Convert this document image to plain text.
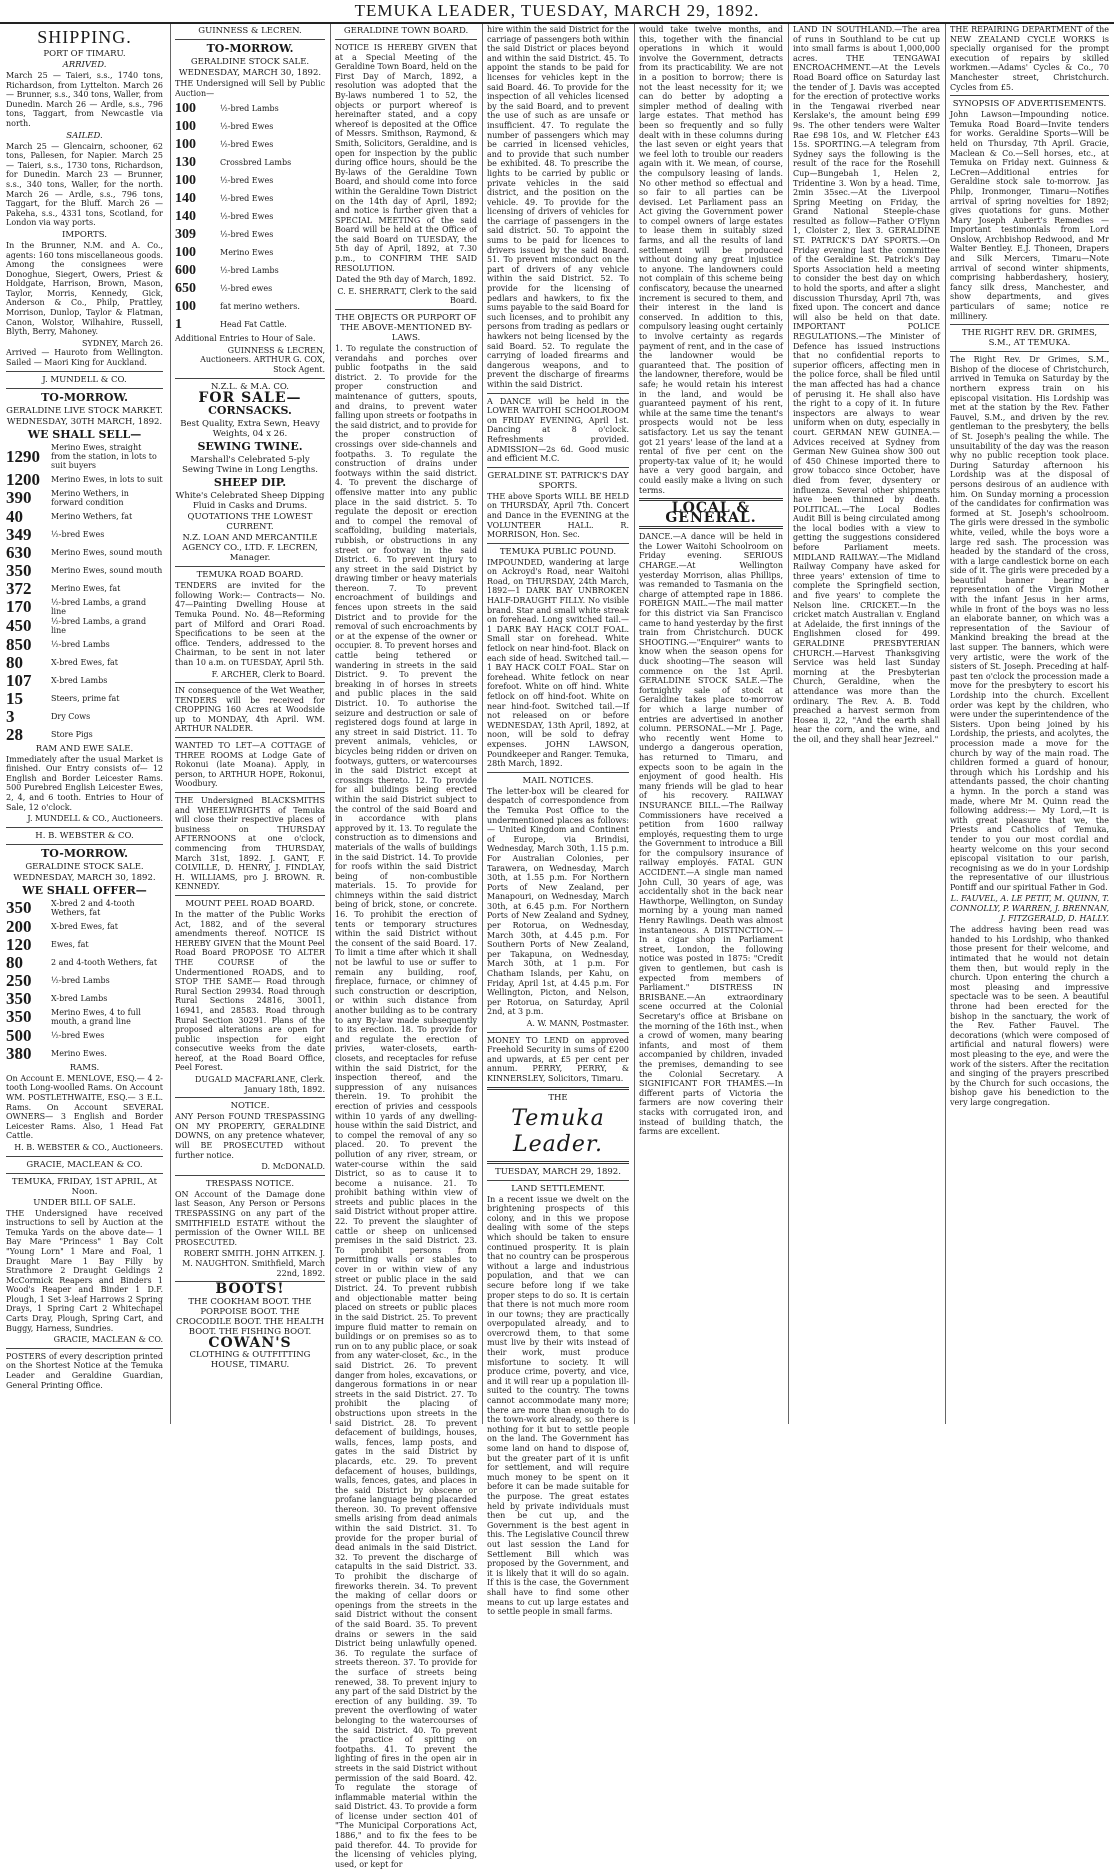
TEMUKA LEADER, TUESDAY, MARCH 29, 1892.
SHIPPING.
PORT OF TIMARU.
ARRIVED.

March 25 — Taieri, s.s., 1740 tons, Richardson, from Lyttelton. March 26 — Brunner, s.s., 340 tons, Waller, from Dunedin. March 26 — Ardle, s.s., 796 tons, Taggart, from Newcastle via north.

SAILED.

March 25 — Glencairn, schooner, 62 tons, Pallesen, for Napier. March 25 — Taieri, s.s., 1730 tons, Richardson, for Dunedin. March 23 — Brunner, s.s., 340 tons, Waller, for the north. March 26 — Ardle, s.s., 796 tons, Taggart, for the Bluff. March 26 — Pakeha, s.s., 4331 tons, Scotland, for London via way ports.

IMPORTS.

In the Brunner, N.M. and A. Co., agents: 160 tons miscellaneous goods. Among the consignees were Donoghue, Siegert, Owers, Priest & Holdgate, Harrison, Brown, Mason, Taylor, Morris, Kennedy, Gick, Anderson & Co., Philp, Prattley, Morrison, Dunlop, Taylor & Flatman, Canon, Wolstor, Wilhahire, Russell, Blyth, Berry, Mahoney.

SYDNEY, March 26.

Arrived — Hauroto from Wellington. Sailed — Maori King for Auckland.

J. MUNDELL & CO.
TO-MORROW.
GERALDINE LIVE STOCK MARKET.
WEDNESDAY, 30TH MARCH, 1892.
WE SHALL SELL—
1290	Merino Ewes, straight from the station, in lots to suit buyers
1200	Merino Ewes, in lots to suit
390	Merino Wethers, in forward condition
40	Merino Wethers, fat
349	½-bred Ewes
630	Merino Ewes, sound mouth
350	Merino Ewes, sound mouth
372	Merino Ewes, fat
170	½-bred Lambs, a grand line
450	½-bred Lambs, a grand line
850	½-bred Lambs
80	X-bred Ewes, fat
107	X-bred Lambs
15	Steers, prime fat
3	Dry Cows
28	Store Pigs
RAM AND EWE SALE.

Immediately after the usual Market is finished. Our Entry consists of— 12 English and Border Leicester Rams. 500 Purebred English Leicester Ewes, 2, 4, and 6 tooth. Entries to Hour of Sale, 12 o'clock.

J. MUNDELL & CO., Auctioneers.
H. B. WEBSTER & CO.
TO-MORROW.
GERALDINE STOCK SALE.
WEDNESDAY, MARCH 30, 1892.
WE SHALL OFFER—
350	X-bred 2 and 4-tooth Wethers, fat
200	X-bred Ewes, fat
120	Ewes, fat
80	2 and 4-tooth Wethers, fat
250	½-bred Lambs
350	X-bred Lambs
350	Merino Ewes, 4 to full mouth, a grand line
500	½-bred Ewes
380	Merino Ewes.
RAMS.

On Account E. MENLOVE, ESQ.— 4 2-tooth Long-woolled Rams. On Account WM. POSTLETHWAITE, ESQ.— 3 E.L. Rams. On Account SEVERAL OWNERS— 3 English and Border Leicester Rams. Also, 1 Head Fat Cattle.

H. B. WEBSTER & CO., Auctioneers.
GRACIE, MACLEAN & CO.
TEMUKA, FRIDAY, 1ST APRIL, At Noon.
UNDER BILL OF SALE.

THE Undersigned have received instructions to sell by Auction at the Temuka Yards on the above date— 1 Bay Mare "Princess" 1 Bay Colt "Young Lorn" 1 Mare and Foal, 1 Draught Mare 1 Bay Filly by Strathmore 2 Draught Geldings 2 McCormick Reapers and Binders 1 Wood's Reaper and Binder 1 D.F. Plough, 1 Set 3-leaf Harrows 2 Spring Drays, 1 Spring Cart 2 Whitechapel Carts Dray, Plough, Spring Cart, and Buggy, Harness, Sundries.

GRACIE, MACLEAN & CO.

POSTERS of every description printed on the Shortest Notice at the Temuka Leader and Geraldine Guardian, General Printing Office.

GUINNESS & LECREN.
TO-MORROW.
GERALDINE STOCK SALE.
WEDNESDAY, MARCH 30, 1892.

THE Undersigned will Sell by Public Auction—

100	½-bred Lambs
100	½-bred Ewes
100	½-bred Ewes
130	Crossbred Lambs
100	½-bred Ewes
140	½-bred Ewes
140	½-bred Ewes
309	½-bred Ewes
100	Merino Ewes
600	½-bred Lambs
650	½-bred ewes
100	fat merino wethers.
1	Head Fat Cattle.

Additional Entries to Hour of Sale.

GUINNESS & LECREN, Auctioneers. ARTHUR G. COX, Stock Agent.
N.Z.L. & M.A. CO.
FOR SALE—
CORNSACKS.
Best Quality, Extra Sewn, Heavy Weights, 04 x 26.
SEWING TWINE.
Marshall's Celebrated 5-ply Sewing Twine in Long Lengths.
SHEEP DIP.
White's Celebrated Sheep Dipping Fluid in Casks and Drums.
QUOTATIONS THE LOWEST CURRENT.
N.Z. LOAN AND MERCANTILE AGENCY CO., LTD. F. LECREN, Manager.
TEMUKA ROAD BOARD.

TENDERS are invited for the following Work:— Contracts— No. 47—Painting Dwelling House at Temuka Pound. No. 48—Reforming part of Milford and Orari Road. Specifications to be seen at the office. Tenders, addressed to the Chairman, to be sent in not later than 10 a.m. on TUESDAY, April 5th.

F. ARCHER, Clerk to Board.

IN consequence of the Wet Weather, TENDERS will be received for CROPPING 160 Acres at Woodside up to MONDAY, 4th April. WM. ARTHUR NALDER.

WANTED TO LET—A COTTAGE of THREE ROOMS at Lodge Gate of Rokonui (late Moana). Apply, in person, to ARTHUR HOPE, Rokonui, Woodbury.

THE Undersigned BLACKSMITHS and WHEELWRIGHTS of Temuka will close their respective places of business on THURSDAY AFTERNOONS at one o'clock, commencing from THURSDAY, March 31st, 1892. J. GANT, F. COLVILLE, D. HENRY, J. FINDLAY, H. WILLIAMS, pro J. BROWN. R. KENNEDY.

MOUNT PEEL ROAD BOARD.

In the matter of the Public Works Act, 1882, and of the several amendments thereof. NOTICE IS HEREBY GIVEN that the Mount Peel Road Board PROPOSE TO ALTER THE COURSE of the Undermentioned ROADS, and to STOP THE SAME— Road through Rural Section 29934. Road through Rural Sections 24816, 30011, 16941, and 28583. Road through Rural Section 30291. Plans of the proposed alterations are open for public inspection for eight consecutive weeks from the date hereof, at the Road Board Office, Peel Forest.

DUGALD MACFARLANE, Clerk. January 18th, 1892.
NOTICE.

ANY Person FOUND TRESPASSING ON MY PROPERTY, GERALDINE DOWNS, on any pretence whatever, will BE PROSECUTED without further notice.

D. McDONALD.
TRESPASS NOTICE.

ON Account of the Damage done last Season, Any Person or Persons TRESPASSING on any part of the SMITHFIELD ESTATE without the permission of the Owner WILL BE PROSECUTED.

ROBERT SMITH. JOHN AITKEN. J. M. NAUGHTON. Smithfield, March 22nd, 1892.
BOOTS!
THE COOKHAM BOOT. THE PORPOISE BOOT. THE CROCODILE BOOT. THE HEALTH BOOT. THE FISHING BOOT.
COWAN'S
CLOTHING & OUTFITTING HOUSE, TIMARU.
GERALDINE TOWN BOARD.

NOTICE IS HEREBY GIVEN that at a Special Meeting of the Geraldine Town Board, held on the First Day of March, 1892, a resolution was adopted that the By-laws numbered 1 to 52, the objects or purport whereof is hereinafter stated, and a copy whereof is deposited at the Office of Messrs. Smithson, Raymond, & Smith, Solicitors, Geraldine, and is open for inspection by the public during office hours, should be the By-laws of the Geraldine Town Board, and should come into force within the Geraldine Town District on the 14th day of April, 1892; and notice is further given that a SPECIAL MEETING of the said Board will be held at the Office of the said Board on TUESDAY, the 5th day of April, 1892, at 7.30 p.m., to CONFIRM THE SAID RESOLUTION.

Dated the 9th day of March, 1892.

C. E. SHERRATT, Clerk to the said Board.
THE OBJECTS OR PURPORT OF THE ABOVE-MENTIONED BY-LAWS.

1. To regulate the construction of verandahs and porches over public footpaths in the said district. 2. To provide for the proper construction and maintenance of gutters, spouts, and drains, to prevent water falling upon streets or footpaths in the said district, and to provide for the proper construction of crossings over side-channels and footpaths. 3. To regulate the construction of drains under footways within the said district. 4. To prevent the discharge of offensive matter into any public place in the said district. 5. To regulate the deposit or erection and to compel the removal of scaffolding, building materials, rubbish, or obstructions in any street or footway in the said District. 6. To prevent injury to any street in the said District by drawing timber or heavy materials thereon. 7. To prevent encroachment of buildings and fences upon streets in the said District and to provide for the removal of such encroachments by or at the expense of the owner or occupier. 8. To prevent horses and cattle being tethered or wandering in streets in the said District. 9. To prevent the breaking in of horses in streets and public places in the said District. 10. To authorise the seizure and destruction or sale of registered dogs found at large in any street in said District. 11. To prevent animals, vehicles, or bicycles being ridden or driven on footways, gutters, or watercourses in the said District except at crossings thereto. 12. To provide for all buildings being erected within the said District subject to the control of the said Board and in accordance with plans approved by it. 13. To regulate the construction as to dimensions and materials of the walls of buildings in the said District. 14. To provide for roofs within the said District being of non-combustible materials. 15. To provide for chimneys within the said district being of brick, stone, or concrete. 16. To prohibit the erection of tents or temporary structures within the said District without the consent of the said Board. 17. To limit a time after which it shall not be lawful to use or suffer to remain any building, roof, fireplace, furnace, or chimney of such construction or description, or within such distance from another building as to be contrary to any By-law made subsequently to its erection. 18. To provide for and regulate the erection of privies, water-closets, earth-closets, and receptacles for refuse within the said District, for the inspection thereof, and the suppression of any nuisances therein. 19. To prohibit the erection of privies and cesspools within 10 yards of any dwelling-house within the said District, and to compel the removal of any so placed. 20. To prevent the pollution of any river, stream, or water-course within the said District, so as to cause it to become a nuisance. 21. To prohibit bathing within view of streets and public places in the said District without proper attire. 22. To prevent the slaughter of cattle or sheep on unlicensed premises in the said District. 23. To prohibit persons from permitting walls or stables to cover in or within view of any street or public place in the said District. 24. To prevent rubbish and objectionable matter being placed on streets or public places in the said District. 25. To prevent impure fluid matter to remain on buildings or on premises so as to run on to any public place, or soak from any water-closet, &c., in the said District. 26. To prevent danger from holes, excavations, or dangerous formations in or near streets in the said District. 27. To prohibit the placing of obstructions upon streets in the said District. 28. To prevent defacement of buildings, houses, walls, fences, lamp posts, and gates in the said District by placards, etc. 29. To prevent defacement of houses, buildings, walls, fences, gates, and places in the said District by obscene or profane language being placarded thereon. 30. To prevent offensive smells arising from dead animals within the said District. 31. To provide for the proper burial of dead animals in the said District. 32. To prevent the discharge of catapults in the said District. 33. To prohibit the discharge of fireworks therein. 34. To prevent the making of cellar doors or openings from the streets in the said District without the consent of the said Board. 35. To prevent drains or sewers in the said District being unlawfully opened. 36. To regulate the surface of streets thereon. 37. To provide for the surface of streets being renewed, 38. To prevent injury to any part of the said District by the erection of any building. 39. To prevent the overflowing of water belonging to the watercourses of the said District. 40. To prevent the practice of spitting on footpaths. 41. To prevent the lighting of fires in the open air in streets in the said District without permission of the said Board. 42. To regulate the storage of inflammable material within the said District. 43. To provide a form of license under section 401 of "The Municipal Corporations Act, 1886," and to fix the fees to be paid therefor. 44. To provide for the licensing of vehicles plying, used, or kept for

hire within the said District for the carriage of passengers both within the said District or places beyond and within the said District. 45. To appoint the stands to be paid for licenses for vehicles kept in the said Board. 46. To provide for the inspection of all vehicles licensed by the said Board, and to prevent the use of such as are unsafe or insufficient. 47. To regulate the number of passengers which may be carried in licensed vehicles, and to provide that such number be exhibited. 48. To prescribe the lights to be carried by public or private vehicles in the said district, and the position on the vehicle. 49. To provide for the licensing of drivers of vehicles for the carriage of passengers in the said district. 50. To appoint the sums to be paid for licences to drivers issued by the said Board. 51. To prevent misconduct on the part of drivers of any vehicle within the said District. 52. To provide for the licensing of pedlars and hawkers, to fix the sums payable to the said Board for such licenses, and to prohibit any persons from trading as pedlars or hawkers not being licensed by the said Board. 52. To regulate the carrying of loaded firearms and dangerous weapons, and to prevent the discharge of firearms within the said District.

A DANCE will be held in the LOWER WAITOHI SCHOOLROOM on FRIDAY EVENING, April 1st. Dancing at 8 o'clock. Refreshments provided. ADMISSION—2s 6d. Good music and efficient M.C.

GERALDINE ST. PATRICK'S DAY SPORTS.

THE above Sports WILL BE HELD on THURSDAY, April 7th. Concert and Dance in the EVENING at the VOLUNTEER HALL. R. MORRISON, Hon. Sec.

TEMUKA PUBLIC POUND.

IMPOUNDED, wandering at large on Ackroyd's Road, near Waitohi Road, on THURSDAY, 24th March, 1892—1 DARK BAY UNBROKEN HALF-DRAUGHT FILLY. No visible brand. Star and small white streak on forehead. Long switched tail.—1 DARK BAY HACK COLT FOAL. Small star on forehead. White fetlock on near hind-foot. Black on each side of head. Switched tail.—1 BAY HACK COLT FOAL. Star on forehead. White fetlock on near forefoot. White on off hind. White fetlock on off hind-foot. White on near hind-foot. Switched tail.—If not released on or before WEDNESDAY, 13th April, 1892, at noon, will be sold to defray expenses. JOHN LAWSON, Poundkeeper and Ranger. Temuka, 28th March, 1892.

MAIL NOTICES.

The letter-box will be cleared for despatch of correspondence from the Temuka Post Office to the undermentioned places as follows:— United Kingdom and Continent of Europe, via Brindisi, Wednesday, March 30th, 1.15 p.m. For Australian Colonies, per Tarawera, on Wednesday, March 30th, at 1.55 p.m. For Northern Ports of New Zealand, per Manapouri, on Wednesday, March 30th, at 6.45 p.m. For Northern Ports of New Zealand and Sydney, per Rotorua, on Wednesday, March 30th, at 4.45 p.m. For Southern Ports of New Zealand, per Takapuna, on Wednesday, March 30th, at 1 p.m. For Chatham Islands, per Kahu, on Friday, April 1st, at 4.45 p.m. For Wellington, Picton, and Nelson, per Rotorua, on Saturday, April 2nd, at 3 p.m.

A. W. MANN, Postmaster.

MONEY TO LEND on approved Freehold Security in sums of £200 and upwards, at £5 per cent per annum. PERRY, PERRY, & KINNERSLEY, Solicitors, Timaru.

THE
Temuka Leader.
TUESDAY, MARCH 29, 1892.
LAND SETTLEMENT.

In a recent issue we dwelt on the brightening prospects of this colony, and in this we propose dealing with some of the steps which should be taken to ensure continued prosperity. It is plain that no country can be prosperous without a large and industrious population, and that we can secure before long if we take proper steps to do so. It is certain that there is not much more room in our towns; they are practically overpopulated already, and to overcrowd them, to that some must live by their wits instead of their work, must produce misfortune to society. It will produce crime, poverty, and vice, and it will rear up a population ill-suited to the country. The towns cannot accommodate many more; there are more than enough to do the town-work already, so there is nothing for it but to settle people on the land. The Government has some land on hand to dispose of, but the greater part of it is unfit for settlement, and will require much money to be spent on it before it can be made suitable for the purpose. The great estates held by private individuals must then be cut up, and the Government is the best agent in this. The Legislative Council threw out last session the Land for Settlement Bill which was proposed by the Government, and it is likely that it will do so again. If this is the case, the Government shall have to find some other means to cut up large estates and to settle people in small farms.

would take twelve months, and this, together with the financial operations in which it would involve the Government, detracts from its practicability. We are not in a position to borrow; there is not the least necessity for it; we can do better by adopting a simpler method of dealing with large estates. That method has been so frequently and so fully dealt with in these columns during the last seven or eight years that we feel loth to trouble our readers again with it. We mean, of course, the compulsory leasing of lands. No other method so effectual and so fair to all parties can be devised. Let Parliament pass an Act giving the Government power to compel owners of large estates to lease them in suitably sized farms, and all the results of land settlement will be produced without doing any great injustice to anyone. The landowners could not complain of this scheme being confiscatory, because the unearned increment is secured to them, and their interest in the land is conserved. In addition to this, compulsory leasing ought certainly to involve certainty as regards payment of rent, and in the case of the landowner would be guaranteed that. The position of the landowner, therefore, would be safe; he would retain his interest in the land, and would be guaranteed payment of his rent, while at the same time the tenant's prospects would not be less satisfactory. Let us say the tenant got 21 years' lease of the land at a rental of five per cent on the property-tax value of it; he would have a very good bargain, and could easily make a living on such terms.

LOCAL & GENERAL.

DANCE.—A dance will be held in the Lower Waitohi Schoolroom on Friday evening. SERIOUS CHARGE.—At Wellington yesterday Morrison, alias Phillips, was remanded to Tasmania on the charge of attempted rape in 1886. FOREIGN MAIL.—The mail matter for this district via San Francisco came to hand yesterday by the first train from Christchurch. DUCK SHOOTING.—"Enquirer" wants to know when the season opens for duck shooting—The season will commence on the 1st April. GERALDINE STOCK SALE.—The fortnightly sale of stock at Geraldine takes place to-morrow for which a large number of entries are advertised in another column. PERSONAL.—Mr J. Page, who recently went Home to undergo a dangerous operation, has returned to Timaru, and expects soon to be again in the enjoyment of good health. His many friends will be glad to hear of his recovery. RAILWAY INSURANCE BILL.—The Railway Commissioners have received a petition from 1600 railway employés, requesting them to urge the Government to introduce a Bill for the compulsory insurance of railway employés. FATAL GUN ACCIDENT.—A single man named John Cull, 30 years of age, was accidentally shot in the back near Hawthorpe, Wellington, on Sunday morning by a young man named Henry Rawlings. Death was almost instantaneous. A DISTINCTION.—In a cigar shop in Parliament street, London, the following notice was posted in 1875: "Credit given to gentlemen, but cash is expected from members of Parliament." DISTRESS IN BRISBANE.—An extraordinary scene occurred at the Colonial Secretary's office at Brisbane on the morning of the 16th inst., when a crowd of women, many bearing infants, and most of them accompanied by children, invaded the premises, demanding to see the Colonial Secretary. A SIGNIFICANT FOR THAMES.—In different parts of Victoria the farmers are now covering their stacks with corrugated iron, and instead of building thatch, the farms are excellent.

LAND IN SOUTHLAND.—The area of runs in Southland to be cut up into small farms is about 1,000,000 acres. THE TENGAWAI ENCROACHMENT.—At the Levels Road Board office on Saturday last the tender of J. Davis was accepted for the erection of protective works in the Tengawai riverbed near Kerslake's, the amount being £99 9s. The other tenders were Walter Rae £98 10s, and W. Fletcher £43 15s. SPORTING.—A telegram from Sydney says the following is the result of the race for the Rosehill Cup—Bungebah 1, Helen 2, Tridentine 3. Won by a head. Time, 2min 35sec.—At the Liverpool Spring Meeting on Friday, the Grand National Steeple-chase resulted as follow—Father O'Flynn 1, Cloister 2, Ilex 3. GERALDINE ST. PATRICK'S DAY SPORTS.—On Friday evening last the committee of the Geraldine St. Patrick's Day Sports Association held a meeting to consider the best day on which to hold the sports, and after a slight discussion Thursday, April 7th, was fixed upon. The concert and dance will also be held on that date. IMPORTANT POLICE REGULATIONS.—The Minister of Defence has issued instructions that no confidential reports to superior officers, affecting men in the police force, shall be filed until the man affected has had a chance of perusing it. He shall also have the right to a copy of it. In future inspectors are always to wear uniform when on duty, especially in court. GERMAN NEW GUINEA.—Advices received at Sydney from German New Guinea show 300 out of 450 Chinese imported there to grow tobacco since October, have died from fever, dysentery or influenza. Several other shipments have been thinned by death. POLITICAL.—The Local Bodies Audit Bill is being circulated among the local bodies with a view to getting the suggestions considered before Parliament meets. MIDLAND RAILWAY.—The Midland Railway Company have asked for three years' extension of time to complete the Springfield section, and five years' to complete the Nelson line. CRICKET.—In the cricket match Australian v. England at Adelaide, the first innings of the Englishmen closed for 499. GERALDINE PRESBYTERIAN CHURCH.—Harvest Thanksgiving Service was held last Sunday morning at the Presbyterian Church, Geraldine, when the attendance was more than the ordinary. The Rev. A. B. Todd preached a harvest sermon from Hosea ii, 22, "And the earth shall hear the corn, and the wine, and the oil, and they shall hear Jezreel."

THE REPAIRING DEPARTMENT of the NEW ZEALAND CYCLE WORKS is specially organised for the prompt execution of repairs by skilled workmen.—Adams' Cycles & Co., 70 Manchester street, Christchurch. Cycles from £5.

SYNOPSIS OF ADVERTISEMENTS.

John Lawson—Impounding notice. Temuka Road Board—Invite tenders for works. Geraldine Sports—Will be held on Thursday, 7th April. Gracie, Maclean & Co.—Sell horses, etc., at Temuka on Friday next. Guinness & LeCren—Additional entries for Geraldine stock sale to-morrow. Jas Philp, Ironmonger, Timaru—Notifies arrival of spring novelties for 1892; gives quotations for guns. Mother Mary Joseph Aubert's Remedies —Important testimonials from Lord Onslow, Archbishop Redwood, and Mr Walter Bentley. E.J. Thoneen, Drapers and Silk Mercers, Timaru—Note arrival of second winter shipments, comprising habberdashery, hosiery, fancy silk dress, Manchester, and show departments, and gives particulars of same; notice re millinery.

THE RIGHT REV. DR. GRIMES, S.M., AT TEMUKA.

The Right Rev. Dr Grimes, S.M., Bishop of the diocese of Christchurch, arrived in Temuka on Saturday by the northern express train on his episcopal visitation. His Lordship was met at the station by the Rev. Father Fauvel, S.M., and driven by the rev. gentleman to the presbytery, the bells of St. Joseph's pealing the while. The unsuitability of the day was the reason why no public reception took place. During Saturday afternoon his Lordship was at the disposal of persons desirous of an audience with him. On Sunday morning a procession of the candidates for confirmation was formed at St. Joseph's schoolroom. The girls were dressed in the symbolic white, veiled, while the boys wore a large red sash. The procession was headed by the standard of the cross, with a large candlestick borne on each side of it. The girls were preceded by a beautiful banner bearing a representation of the Virgin Mother with the infant Jesus in her arms, while in front of the boys was no less an elaborate banner, on which was a representation of the Saviour of Mankind breaking the bread at the last supper. The banners, which were very artistic, were the work of the sisters of St. Joseph. Preceding at half-past ten o'clock the procession made a move for the presbytery to escort his Lordship into the church. Excellent order was kept by the children, who were under the superintendence of the Sisters. Upon being joined by his Lordship, the priests, and acolytes, the procession made a move for the church by way of the main road. The children formed a guard of honour, through which his Lordship and his attendants passed, the choir chanting a hymn. In the porch a stand was made, where Mr M. Quinn read the following address:— My Lord,—It is with great pleasure that we, the Priests and Catholics of Temuka, tender to you our most cordial and hearty welcome on this your second episcopal visitation to our parish, recognising as we do in your Lordship the representative of our illustrious Pontiff and our spiritual Father in God.

L. FAUVEL, A. LE PETIT, M. QUINN, T. CONNOLLY, P. WARREN, J. BRENNAN, J. FITZGERALD, D. HALLY.

The address having been read was handed to his Lordship, who thanked those present for their welcome, and intimated that he would not detain them then, but would reply in the church. Upon entering the church a most pleasing and impressive spectacle was to be seen. A beautiful throne had been erected for the bishop in the sanctuary, the work of the Rev. Father Fauvel. The decorations (which were composed of artificial and natural flowers) were most pleasing to the eye, and were the work of the sisters. After the recitation and singing of the prayers prescribed by the Church for such occasions, the bishop gave his benediction to the very large congregation.
